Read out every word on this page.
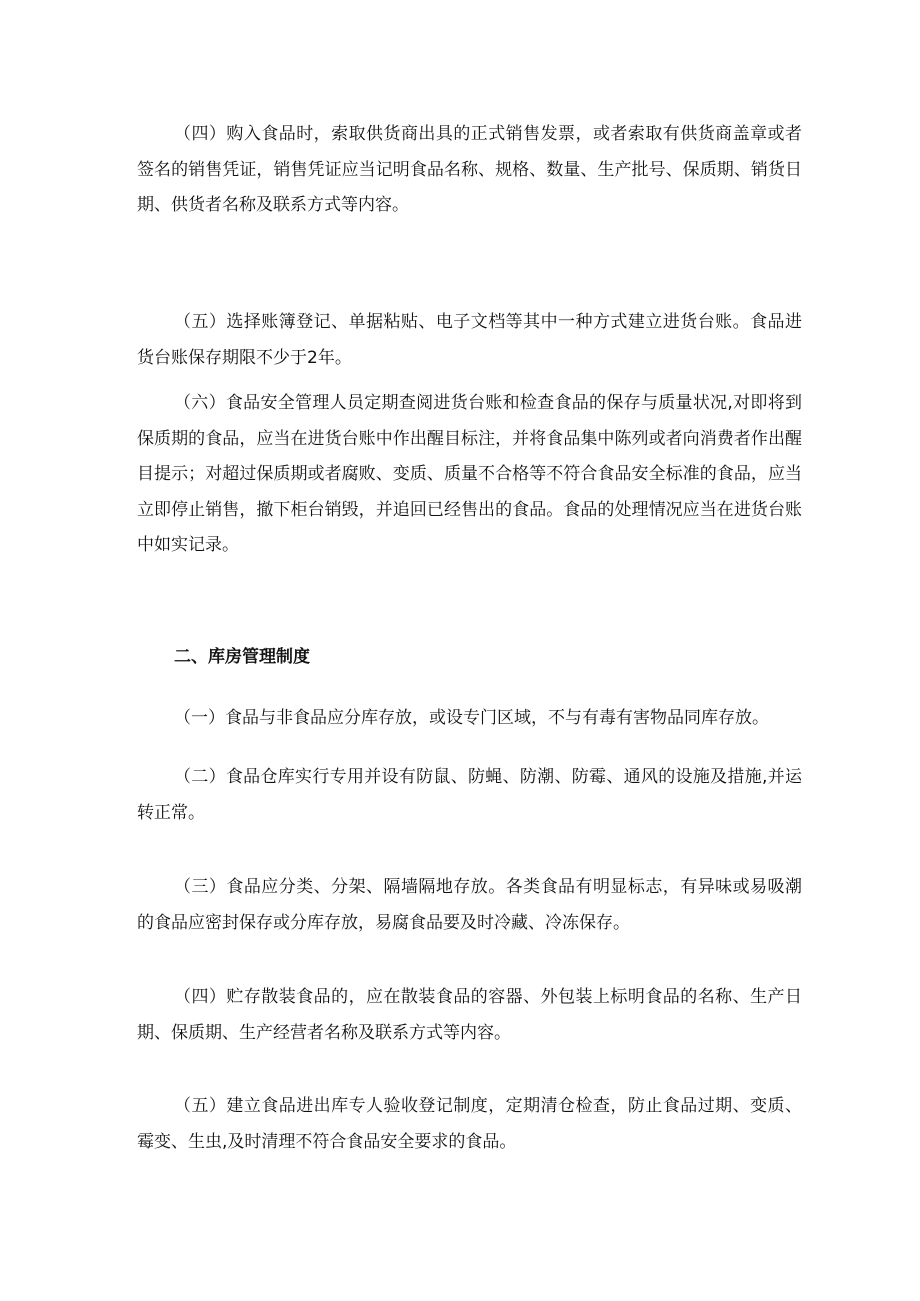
（四）购入食品时，索取供货商出具的正式销售发票，或者索取有供货商盖章或者签名的销售凭证，销售凭证应当记明食品名称、规格、数量、生产批号、保质期、销货日期、供货者名称及联系方式等内容。

（五）选择账簿登记、单据粘贴、电子文档等其中一种方式建立进货台账。食品进货台账保存期限不少于2年。

（六）食品安全管理人员定期查阅进货台账和检查食品的保存与质量状况,对即将到保质期的食品，应当在进货台账中作出醒目标注，并将食品集中陈列或者向消费者作出醒目提示；对超过保质期或者腐败、变质、质量不合格等不符合食品安全标准的食品，应当立即停止销售，撤下柜台销毁，并追回已经售出的食品。食品的处理情况应当在进货台账中如实记录。

二、库房管理制度

（一）食品与非食品应分库存放，或设专门区域，不与有毒有害物品同库存放。

（二）食品仓库实行专用并设有防鼠、防蝇、防潮、防霉、通风的设施及措施,并运转正常。

（三）食品应分类、分架、隔墙隔地存放。各类食品有明显标志，有异味或易吸潮的食品应密封保存或分库存放，易腐食品要及时冷藏、冷冻保存。

（四）贮存散装食品的，应在散装食品的容器、外包装上标明食品的名称、生产日期、保质期、生产经营者名称及联系方式等内容。

（五）建立食品进出库专人验收登记制度，定期清仓检查，防止食品过期、变质、霉变、生虫,及时清理不符合食品安全要求的食品。
